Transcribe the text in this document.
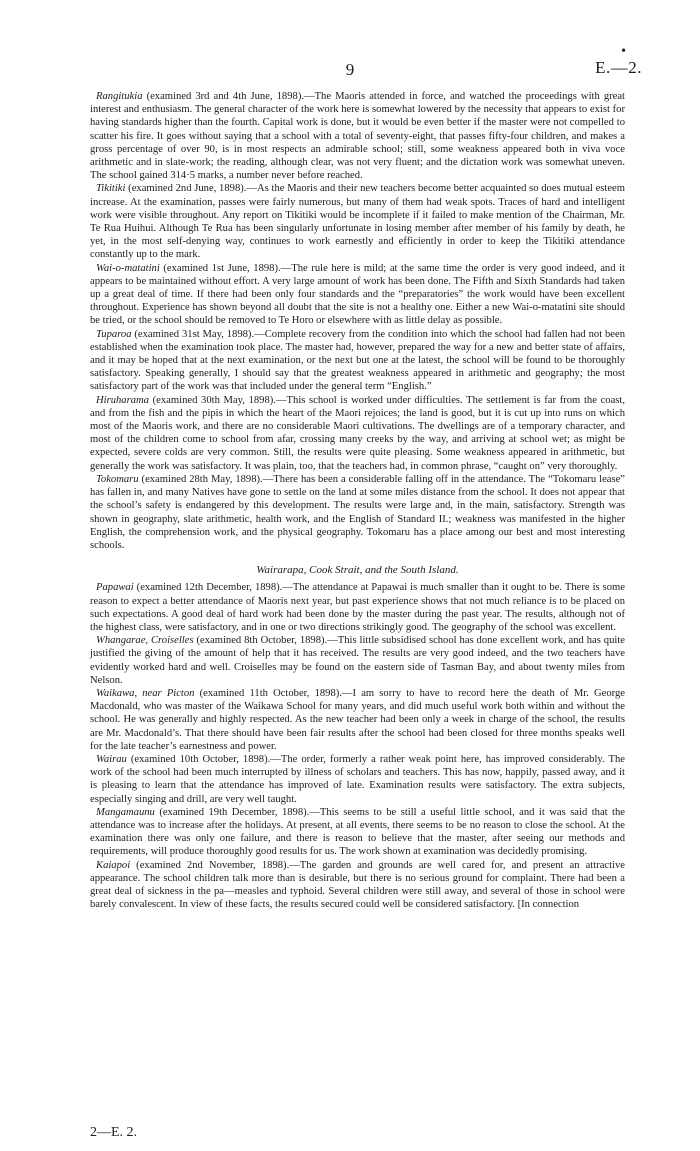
•
9	E.—2.

Rangitukia (examined 3rd and 4th June, 1898).—The Maoris attended in force, and watched the proceedings with great interest and enthusiasm. The general character of the work here is somewhat lowered by the necessity that appears to exist for having standards higher than the fourth. Capital work is done, but it would be even better if the master were not compelled to scatter his fire. It goes without saying that a school with a total of seventy-eight, that passes fifty-four children, and makes a gross percentage of over 90, is in most respects an admirable school; still, some weakness appeared both in viva voce arithmetic and in slate-work; the reading, although clear, was not very fluent; and the dictation work was somewhat uneven. The school gained 314·5 marks, a number never before reached.

Tikitiki (examined 2nd June, 1898).—As the Maoris and their new teachers become better acquainted so does mutual esteem increase. At the examination, passes were fairly numerous, but many of them had weak spots. Traces of hard and intelligent work were visible throughout. Any report on Tikitiki would be incomplete if it failed to make mention of the Chairman, Mr. Te Rua Huihui. Although Te Rua has been singularly unfortunate in losing member after member of his family by death, he yet, in the most self-denying way, continues to work earnestly and efficiently in order to keep the Tikitiki attendance constantly up to the mark.

Wai-o-matatini (examined 1st June, 1898).—The rule here is mild; at the same time the order is very good indeed, and it appears to be maintained without effort. A very large amount of work has been done. The Fifth and Sixth Standards had taken up a great deal of time. If there had been only four standards and the “preparatories” the work would have been excellent throughout. Experience has shown beyond all doubt that the site is not a healthy one. Either a new Wai-o-matatini site should be tried, or the school should be removed to Te Horo or elsewhere with as little delay as possible.

Tuparoa (examined 31st May, 1898).—Complete recovery from the condition into which the school had fallen had not been established when the examination took place. The master had, however, prepared the way for a new and better state of affairs, and it may be hoped that at the next examination, or the next but one at the latest, the school will be found to be thoroughly satisfactory. Speaking generally, I should say that the greatest weakness appeared in arithmetic and geography; the most satisfactory part of the work was that included under the general term “English.”

Hiruharama (examined 30th May, 1898).—This school is worked under difficulties. The settlement is far from the coast, and from the fish and the pipis in which the heart of the Maori rejoices; the land is good, but it is cut up into runs on which most of the Maoris work, and there are no considerable Maori cultivations. The dwellings are of a temporary character, and most of the children come to school from afar, crossing many creeks by the way, and arriving at school wet; as might be expected, severe colds are very common. Still, the results were quite pleasing. Some weakness appeared in arithmetic, but generally the work was satisfactory. It was plain, too, that the teachers had, in common phrase, “caught on” very thoroughly.

Tokomaru (examined 28th May, 1898).—There has been a considerable falling off in the attendance. The “Tokomaru lease” has fallen in, and many Natives have gone to settle on the land at some miles distance from the school. It does not appear that the school’s safety is endangered by this development. The results were large and, in the main, satisfactory. Strength was shown in geography, slate arithmetic, health work, and the English of Standard II.; weakness was manifested in the higher English, the comprehension work, and the physical geography. Tokomaru has a place among our best and most interesting schools.

Wairarapa, Cook Strait, and the South Island.

Papawai (examined 12th December, 1898).—The attendance at Papawai is much smaller than it ought to be. There is some reason to expect a better attendance of Maoris next year, but past experience shows that not much reliance is to be placed on such expectations. A good deal of hard work had been done by the master during the past year. The results, although not of the highest class, were satisfactory, and in one or two directions strikingly good. The geography of the school was excellent.

Whangarae, Croiselles (examined 8th October, 1898).—This little subsidised school has done excellent work, and has quite justified the giving of the amount of help that it has received. The results are very good indeed, and the two teachers have evidently worked hard and well. Croiselles may be found on the eastern side of Tasman Bay, and about twenty miles from Nelson.

Waikawa, near Picton (examined 11th October, 1898).—I am sorry to have to record here the death of Mr. George Macdonald, who was master of the Waikawa School for many years, and did much useful work both within and without the school. He was generally and highly respected. As the new teacher had been only a week in charge of the school, the results are Mr. Macdonald’s. That there should have been fair results after the school had been closed for three months speaks well for the late teacher’s earnestness and power.

Wairau (examined 10th October, 1898).—The order, formerly a rather weak point here, has improved considerably. The work of the school had been much interrupted by illness of scholars and teachers. This has now, happily, passed away, and it is pleasing to learn that the attendance has improved of late. Examination results were satisfactory. The extra subjects, especially singing and drill, are very well taught.

Mangamaunu (examined 19th December, 1898).—This seems to be still a useful little school, and it was said that the attendance was to increase after the holidays. At present, at all events, there seems to be no reason to close the school. At the examination there was only one failure, and there is reason to believe that the master, after seeing our methods and requirements, will produce thoroughly good results for us. The work shown at examination was decidedly promising.

Kaiapoi (examined 2nd November, 1898).—The garden and grounds are well cared for, and present an attractive appearance. The school children talk more than is desirable, but there is no serious ground for complaint. There had been a great deal of sickness in the pa—measles and typhoid. Several children were still away, and several of those in school were barely convalescent. In view of these facts, the results secured could well be considered satisfactory. [In connection

2—E. 2.
